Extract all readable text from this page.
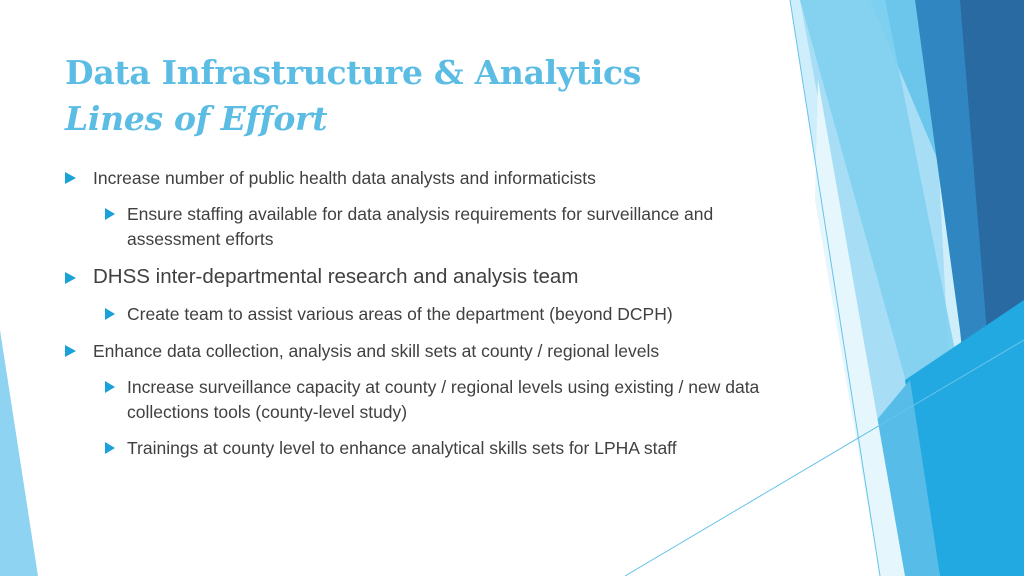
Data Infrastructure & Analytics
Lines of Effort
Increase number of public health data analysts and informaticists
Ensure staffing available for data analysis requirements for surveillance and assessment efforts
DHSS inter-departmental research and analysis team
Create team to assist various areas of the department (beyond DCPH)
Enhance data collection, analysis and skill sets at county / regional levels
Increase surveillance capacity at county / regional levels using existing / new data collections tools (county-level study)
Trainings at county level to enhance analytical skills sets for LPHA staff
